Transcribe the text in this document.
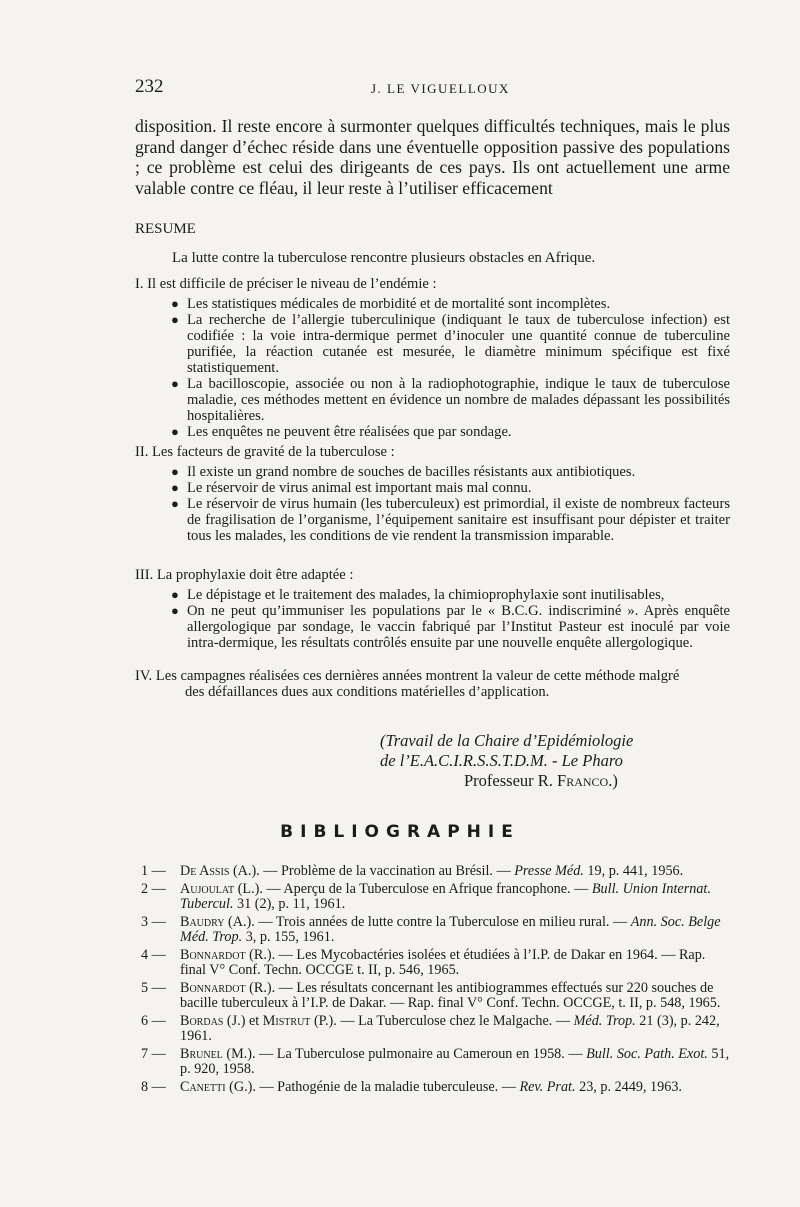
232	J. LE VIGUELLOUX

disposition. Il reste encore à surmonter quelques difficultés techniques, mais le plus grand danger d’échec réside dans une éventuelle opposition passive des populations ; ce problème est celui des dirigeants de ces pays. Ils ont actuellement une arme valable contre ce fléau, il leur reste à l’utiliser efficacement

RESUME

La lutte contre la tuberculose rencontre plusieurs obstacles en Afrique.

I. Il est difficile de préciser le niveau de l’endémie :

● Les statistiques médicales de morbidité et de mortalité sont incomplètes.
● La recherche de l’allergie tuberculinique (indiquant le taux de tuberculose infection) est codifiée : la voie intra-dermique permet d’inoculer une quantité connue de tuberculine purifiée, la réaction cutanée est mesurée, le diamètre minimum spécifique est fixé statistiquement.
● La bacilloscopie, associée ou non à la radiophotographie, indique le taux de tuberculose maladie, ces méthodes mettent en évidence un nombre de malades dépassant les possibilités hospitalières.
● Les enquêtes ne peuvent être réalisées que par sondage.

II. Les facteurs de gravité de la tuberculose :

● Il existe un grand nombre de souches de bacilles résistants aux antibiotiques.
● Le réservoir de virus animal est important mais mal connu.
● Le réservoir de virus humain (les tuberculeux) est primordial, il existe de nombreux facteurs de fragilisation de l’organisme, l’équipement sanitaire est insuffisant pour dépister et traiter tous les malades, les conditions de vie rendent la transmission imparable.

III. La prophylaxie doit être adaptée :

● Le dépistage et le traitement des malades, la chimioprophylaxie sont inutilisables,
● On ne peut qu’immuniser les populations par le « B.C.G. indiscriminé ». Après enquête allergologique par sondage, le vaccin fabriqué par l’Institut Pasteur est inoculé par voie intra-dermique, les résultats contrôlés ensuite par une nouvelle enquête allergologique.

IV. Les campagnes réalisées ces dernières années montrent la valeur de cette méthode malgré

des défaillances dues aux conditions matérielles d’application.

(Travail de la Chaire d’Epidémiologie

de l’E.A.C.I.R.S.S.T.D.M. - Le Pharo

Professeur R. Franco.)

BIBLIOGRAPHIE
1 — De Assis (A.). — Problème de la vaccination au Brésil. — Presse Méd. 19, p. 441, 1956.
2 — Aujoulat (L.). — Aperçu de la Tuberculose en Afrique francophone. — Bull. Union Internat. Tubercul. 31 (2), p. 11, 1961.
3 — Baudry (A.). — Trois années de lutte contre la Tuberculose en milieu rural. — Ann. Soc. Belge Méd. Trop. 3, p. 155, 1961.
4 — Bonnardot (R.). — Les Mycobactéries isolées et étudiées à l’I.P. de Dakar en 1964. — Rap. final V° Conf. Techn. OCCGE t. II, p. 546, 1965.
5 — Bonnardot (R.). — Les résultats concernant les antibiogrammes effectués sur 220 souches de bacille tuberculeux à l’I.P. de Dakar. — Rap. final V° Conf. Techn. OCCGE, t. II, p. 548, 1965.
6 — Bordas (J.) et Mistrut (P.). — La Tuberculose chez le Malgache. — Méd. Trop. 21 (3), p. 242, 1961.
7 — Brunel (M.). — La Tuberculose pulmonaire au Cameroun en 1958. — Bull. Soc. Path. Exot. 51, p. 920, 1958.
8 — Canetti (G.). — Pathogénie de la maladie tuberculeuse. — Rev. Prat. 23, p. 2449, 1963.
